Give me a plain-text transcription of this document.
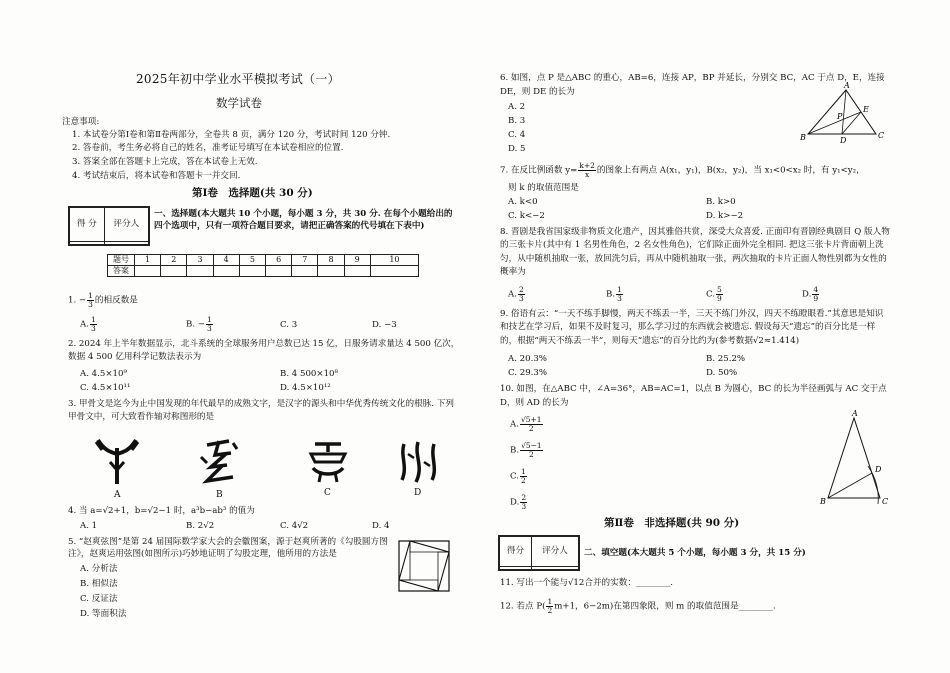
2025年初中学业水平模拟考试（一）
数学试卷
注意事项:
1. 本试卷分第Ⅰ卷和第Ⅱ卷两部分，全卷共 8 页，满分 120 分，考试时间 120 分钟.
2. 答卷前，考生务必将自己的姓名，准考证号填写在本试卷相应的位置.
3. 答案全部在答题卡上完成，答在本试卷上无效.
4. 考试结束后，将本试卷和答题卡一并交回.
第Ⅰ卷　选择题(共 30 分)
得 分	评分人

一、选择题(本大题共 10 个小题，每小题 3 分，共 30 分. 在每个小题给出的四个选项中，只有一项符合题目要求，请把正确答案的代号填在下表中)
题号	1	2	3	4	5	6	7	8	9	10
答案										
1. − $\frac{1}{3}$ 的相反数是
A. $\frac{1}{3}$	B. − $\frac{1}{3}$	C. 3	D. −3
2. 2024 年上半年数据显示，北斗系统的全球服务用户总数已达 15 亿，日服务请求量达 4 500 亿次，数据 4 500 亿用科学记数法表示为
A. 4.5×10⁹	B. 4 500×10⁸
C. 4.5×10¹¹	D. 4.5×10¹²
3. 甲骨文是迄今为止中国发现的年代最早的成熟文字，是汉字的源头和中华优秀传统文化的根脉. 下列甲骨文中，可大致看作轴对称图形的是
A	B	C	D
4. 当 a=√2+1，b=√2−1 时，a³b−ab³ 的值为
A. 1	B. 2√2	C. 4√2	D. 4
5. “赵爽弦图”是第 24 届国际数学家大会的会徽图案，源于赵爽所著的《勾股圆方图注》，赵爽运用弦图(如图所示)巧妙地证明了勾股定理，他所用的方法是
A. 分析法
B. 相似法
C. 反证法
D. 等面积法
6. 如图，点 P 是△ABC 的重心，AB=6，连接 AP，BP 并延长，分别交 BC，AC 于点 D，E，连接 DE，则 DE 的长为
A. 2
B. 3
C. 4
D. 5
A
E
P
B	D
C
7. 在反比例函数 $y= \frac{k+2}{x}$ 的图象上有两点 A(x₁，y₁)，B(x₂，y₂)，当 x₁<0<x₂ 时，有 y₁<y₂，
则 k 的取值范围是
A. k<0	B. k>0
C. k<−2	D. k>−2
8. 晋剧是我省国家级非物质文化遗产，因其雅俗共赏，深受大众喜爱. 正面印有晋剧经典剧目 Q 版人物的三张卡片(其中有 1 名男性角色，2 名女性角色)，它们除正面外完全相同. 把这三张卡片背面朝上洗匀，从中随机抽取一张，放回洗匀后，再从中随机抽取一张，两次抽取的卡片正面人物性别都为女性的概率为
A. $\frac{2}{3}$	B. $\frac{1}{3}$	C. $\frac{5}{9}$	D. $\frac{4}{9}$
9. 俗语有云：“一天不练手脚慢，两天不练丢一半，三天不练门外汉，四天不练瞪眼看.”其意思是知识和技艺在学习后，如果不及时复习，那么学习过的东西就会被遗忘. 假设每天“遗忘”的百分比是一样的，根据“两天不练丢一半”，则每天“遗忘”的百分比约为(参考数据√2≈1.414)
A. 20.3%	B. 25.2%
C. 29.3%	D. 50%
10. 如图，在△ABC 中，∠A=36°，AB=AC=1，以点 B 为圆心，BC 的长为半径画弧与 AC 交于点 D，则 AD 的长为
A. $\frac{√5+1}{2}$
B. $\frac{√5-1}{2}$
C. $\frac{1}{2}$
D. $\frac{2}{3}$
A
D
B	C
第Ⅱ卷　非选择题(共 90 分)
得分	评分人
	二、填空题(本大题共 5 个小题，每小题 3 分，共 15 分)
11. 写出一个能与√12合并的实数：________.
12. 若点 $P( \frac{1}{2} m+1$，6−2m)在第四象限，则 m 的取值范围是________.
